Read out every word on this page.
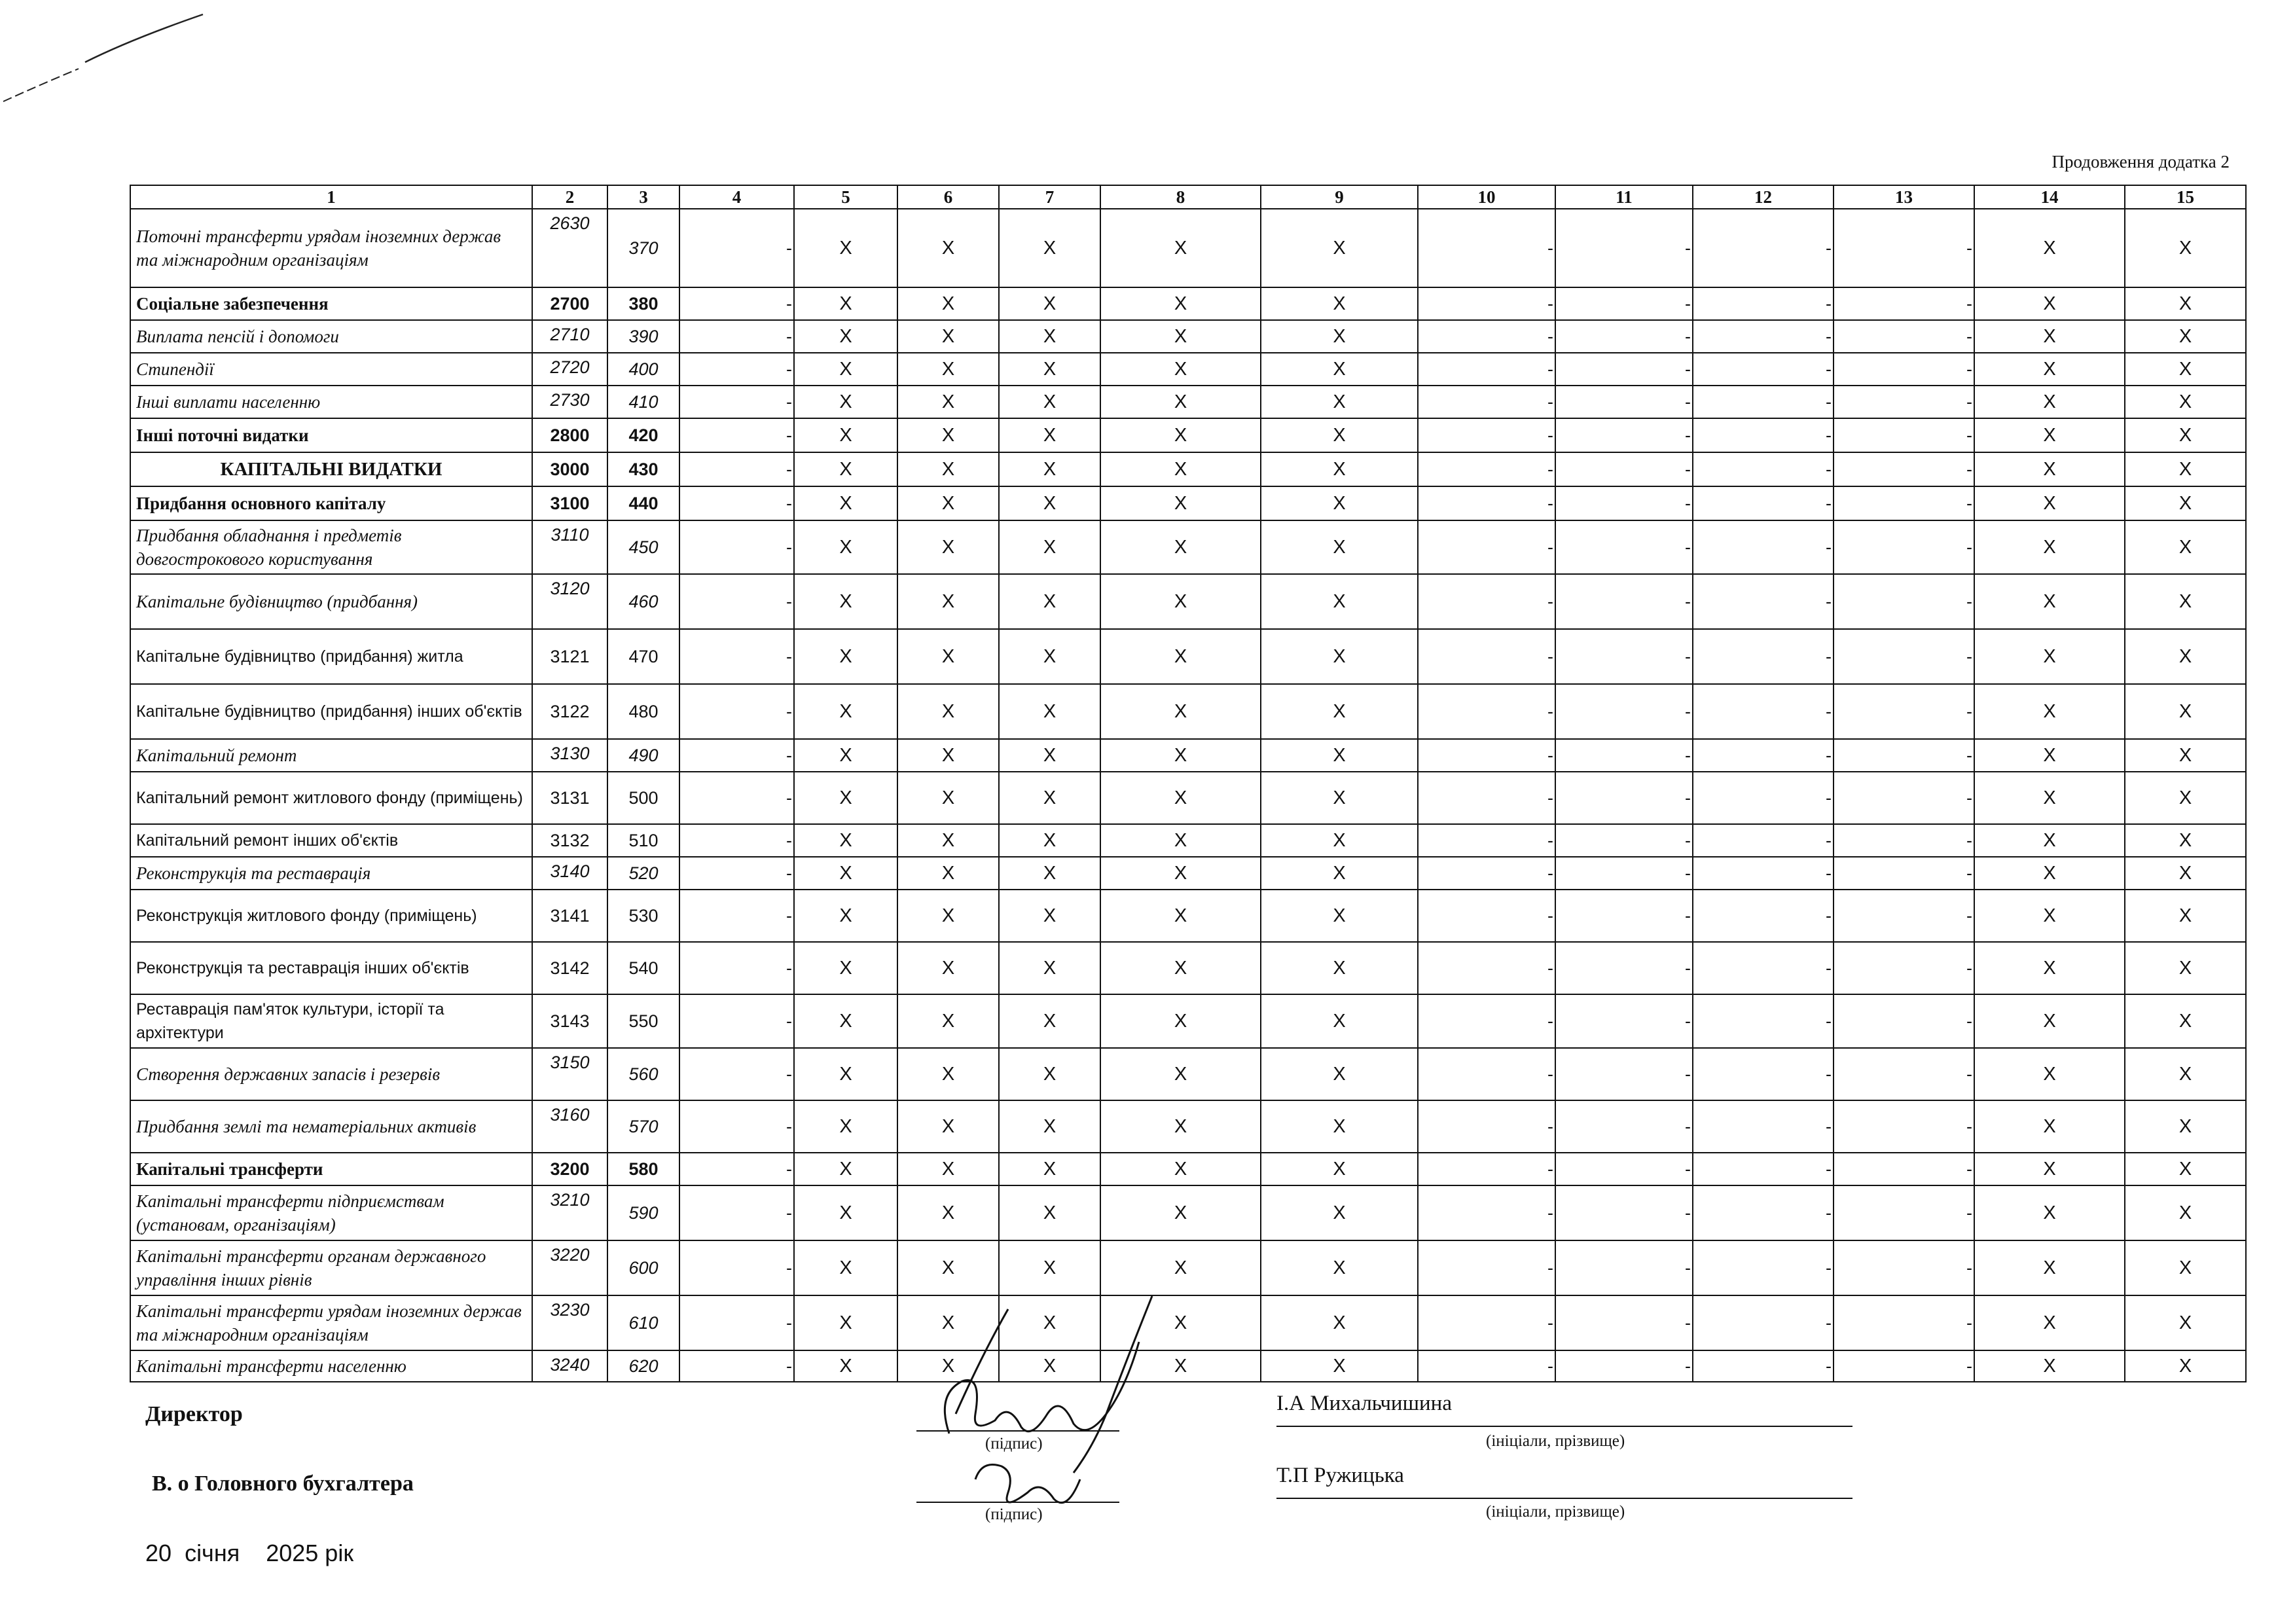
Продовження додатка 2
1	2	3	4	5	6	7	8	9	10	11	12	13	14	15
Поточні трансферти урядам іноземних держав та міжнародним організаціям	2630	370	-	X	X	X	X	X	-	-	-	-	X	X
Соціальне забезпечення	2700	380	-	X	X	X	X	X	-	-	-	-	X	X
Виплата пенсій і допомоги	2710	390	-	X	X	X	X	X	-	-	-	-	X	X
Стипендії	2720	400	-	X	X	X	X	X	-	-	-	-	X	X
Інші виплати населенню	2730	410	-	X	X	X	X	X	-	-	-	-	X	X
Інші поточні видатки	2800	420	-	X	X	X	X	X	-	-	-	-	X	X
КАПІТАЛЬНІ ВИДАТКИ	3000	430	-	X	X	X	X	X	-	-	-	-	X	X
Придбання основного капіталу	3100	440	-	X	X	X	X	X	-	-	-	-	X	X
Придбання обладнання і предметів довгострокового користування	3110	450	-	X	X	X	X	X	-	-	-	-	X	X
Капітальне будівництво (придбання)	3120	460	-	X	X	X	X	X	-	-	-	-	X	X
Капітальне будівництво (придбання) житла	3121	470	-	X	X	X	X	X	-	-	-	-	X	X
Капітальне будівництво (придбання) інших об'єктів	3122	480	-	X	X	X	X	X	-	-	-	-	X	X
Капітальний ремонт	3130	490	-	X	X	X	X	X	-	-	-	-	X	X
Капітальний ремонт житлового фонду (приміщень)	3131	500	-	X	X	X	X	X	-	-	-	-	X	X
Капітальний ремонт інших об'єктів	3132	510	-	X	X	X	X	X	-	-	-	-	X	X
Реконструкція та реставрація	3140	520	-	X	X	X	X	X	-	-	-	-	X	X
Реконструкція житлового фонду (приміщень)	3141	530	-	X	X	X	X	X	-	-	-	-	X	X
Реконструкція та реставрація інших об'єктів	3142	540	-	X	X	X	X	X	-	-	-	-	X	X
Реставрація пам'яток культури, історії та архітектури	3143	550	-	X	X	X	X	X	-	-	-	-	X	X
Створення державних запасів і резервів	3150	560	-	X	X	X	X	X	-	-	-	-	X	X
Придбання землі та нематеріальних активів	3160	570	-	X	X	X	X	X	-	-	-	-	X	X
Капітальні трансферти	3200	580	-	X	X	X	X	X	-	-	-	-	X	X
Капітальні трансферти підприємствам (установам, організаціям)	3210	590	-	X	X	X	X	X	-	-	-	-	X	X
Капітальні трансферти органам державного управління інших рівнів	3220	600	-	X	X	X	X	X	-	-	-	-	X	X
Капітальні трансферти урядам іноземних держав та міжнародним організаціям	3230	610	-	X	X	X	X	X	-	-	-	-	X	X
Капітальні трансферти населенню	3240	620	-	X	X	X	X	X	-	-	-	-	X	X
Директор
В. о Головного бухгалтера
(підпис)
(підпис)
І.А Михальчишина
(ініціали, прізвище)
Т.П Ружицька
(ініціали, прізвище)
20 січня 2025 рік
